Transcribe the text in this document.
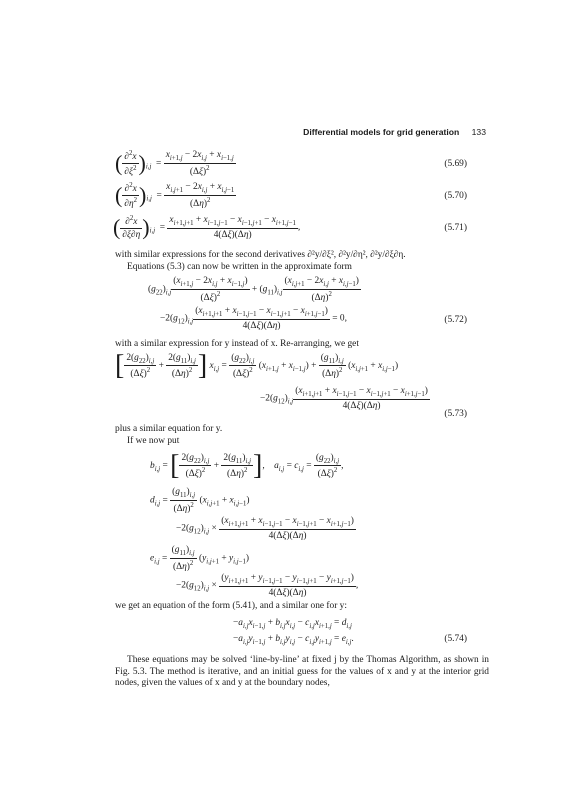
Differential models for grid generation 133
( $\frac{\partial^2x}{\partial\xi^2} )_{i,j} = \frac{x_{i+1,j} - 2x_{i,j} + x_{i-1,j}}{(\Delta\xi)^2}$	(5.69)
( $\frac{\partial^2x}{\partial\eta^2} )_{i,j} = \frac{x_{i,j+1} - 2x_{i,j} + x_{i,j-1}}{(\Delta\eta)^2}$	(5.70)
( $\frac{\partial^2x}{\partial\xi\partial\eta} )_{i,j} = \frac{x_{i+1,j+1} + x_{i-1,j-1} - x_{i-1,j+1} - x_{i+1,j-1}}{4(\Delta\xi)(\Delta\eta)}$ ,	(5.71)
with similar expressions for the second derivatives ∂²y/∂ξ², ∂²y/∂η², ∂²y/∂ξ∂η.
Equations (5.3) can now be written in the approximate form
$(g_{22})_{i,j} \frac{(x_{i+1,j} - 2x_{i,j} + x_{i-1,j})}{(\Delta\xi)^2} + (g_{11})_{i,j} \frac{(x_{i,j+1} - 2x_{i,j} + x_{i,j-1})}{(\Delta\eta)^2}$
$-2(g_{12})_{i,j} \frac{(x_{i+1,j+1} + x_{i-1,j-1} - x_{i-1,j+1} - x_{i+1,j-1})}{4(\Delta\xi)(\Delta\eta)} = 0$,	(5.72)
with a similar expression for y instead of x. Re-arranging, we get
[ $\frac{2(g_{22})_{i,j}}{(\Delta\xi)^2} + \frac{2(g_{11})_{i,j}}{(\Delta\eta)^2}$ ] $x_{i,j} = \frac{(g_{22})_{i,j}}{(\Delta\xi)^2} (x_{i+1,j} + x_{i-1,j}) + \frac{(g_{11})_{i,j}}{(\Delta\eta)^2} (x_{i,j+1} + x_{i,j-1})$
$-2(g_{12})_{i,j} \frac{(x_{i+1,j+1} + x_{i-1,j-1} - x_{i-1,j+1} - x_{i+1,j-1})}{4(\Delta\xi)(\Delta\eta)}$
(5.73)
plus a similar equation for y.
If we now put
$b_{i,j}$ = [ $\frac{2(g_{22})_{i,j}}{(\Delta\xi)^2} + \frac{2(g_{11})_{i,j}}{(\Delta\eta)^2}$ ],    $a_{i,j} = c_{i,j} = \frac{(g_{22})_{i,j}}{(\Delta\xi)^2}$ ,
$d_{i,j} = \frac{(g_{11})_{i,j}}{(\Delta\eta)^2} (x_{i,j+1} + x_{i,j-1})$
$-2(g_{12})_{i,j} \times \frac{(x_{i+1,j+1} + x_{i-1,j-1} - x_{i-1,j+1} - x_{i+1,j-1})}{4(\Delta\xi)(\Delta\eta)}$
$e_{i,j} = \frac{(g_{11})_{i,j}}{(\Delta\eta)^2} (y_{i,j+1} + y_{i,j-1})$
$-2(g_{12})_{i,j} \times \frac{(y_{i+1,j+1} + y_{i-1,j-1} - y_{i-1,j+1} - y_{i+1,j-1})}{4(\Delta\xi)(\Delta\eta)}$ ,
we get an equation of the form (5.41), and a similar one for y:
$-a_{i,j}x_{i-1,j} + b_{i,j}x_{i,j} - c_{i,j}x_{i+1,j} = d_{i,j}$
$-a_{i,j}y_{i-1,j} + b_{i,j}y_{i,j} - c_{i,j}y_{i+1,j} = e_{i,j}$.	(5.74)
These equations may be solved ‘line-by-line’ at fixed j by the Thomas Algorithm, as shown in Fig. 5.3. The method is iterative, and an initial guess for the values of x and y at the interior grid nodes, given the values of x and y at the boundary nodes,
